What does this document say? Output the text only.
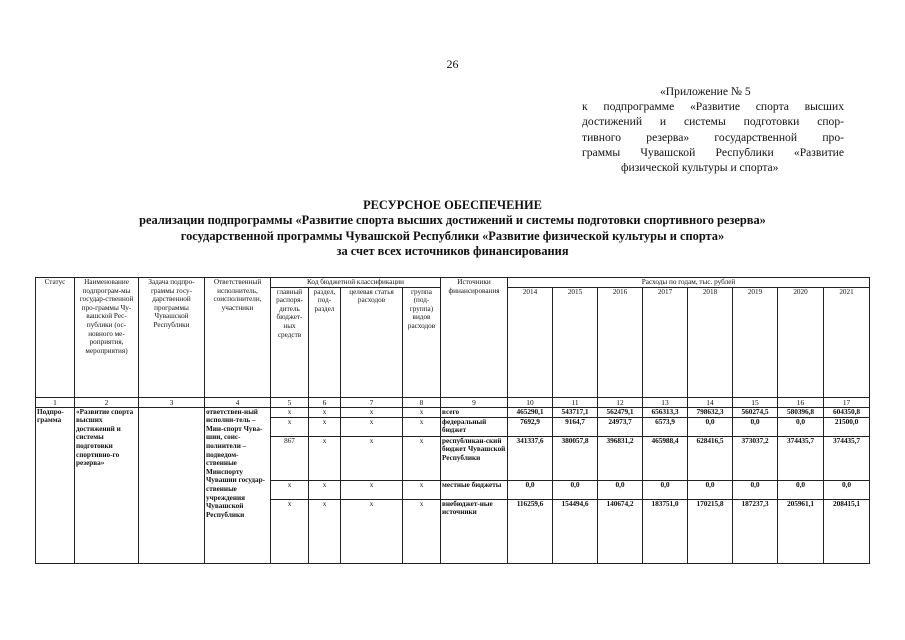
26
«Приложение № 5
к подпрограмме «Развитие спорта высших
достижений и системы подготовки спор-
тивного резерва» государственной про-
граммы Чувашской Республики «Развитие
физической культуры и спорта»
РЕСУРСНОЕ ОБЕСПЕЧЕНИЕ
реализации подпрограммы «Развитие спорта высших достижений и системы подготовки спортивного резерва»
государственной программы Чувашской Республики «Развитие физической культуры и спорта»
за счет всех источников финансирования
Статус	Наименование подпрограм-мы государ-ственной про-граммы Чу-вашской Рес-публики (ос-новного ме-роприятия, мероприятия)	Задача подпро-граммы госу-дарственной программы Чувашской Республики	Ответственный исполнитель, соисполнители, участники	Код бюджетной классификации				Источники финансирования	Расходы по годам, тыс. рублей							
				главный распоря-дитель бюджет-ных средств	раздел, под-раздел	целевая статья расходов	группа (под-группа) видов расходов		2014	2015	2016	2017	2018	2019	2020	2021
1	2	3	4	5	6	7	8	9	10	11	12	13	14	15	16	17
Подпро-грамма	«Развитие спорта высших достижений и системы подготовки спортивно-го резерва»		ответствен-ный исполни-тель – Мин-спорт Чува-шии, соис-полнители – подведом-ственные Минспорту Чувашии государ-ственные учреждения Чувашской Республики	x	x	x	x	всего	465290,1	543717,1	562479,1	656313,3	798632,3	560274,5	580396,8	604350,8
				x	x	x	x	федеральный бюджет	7692,9	9164,7	24973,7	6573,9	0,0	0,0	0,0	21500,0
				867	x	x	x	республикан-ский бюджет Чувашской Республики	341337,6	380057,8	396831,2	465988,4	628416,5	373037,2	374435,7	374435,7
				x	x	x	x	местные бюджеты	0,0	0,0	0,0	0,0	0,0	0,0	0,0	0,0
				x	x	x	x	внебюджет-ные источники	116259,6	154494,6	140674,2	183751,0	170215,8	187237,3	205961,1	208415,1
